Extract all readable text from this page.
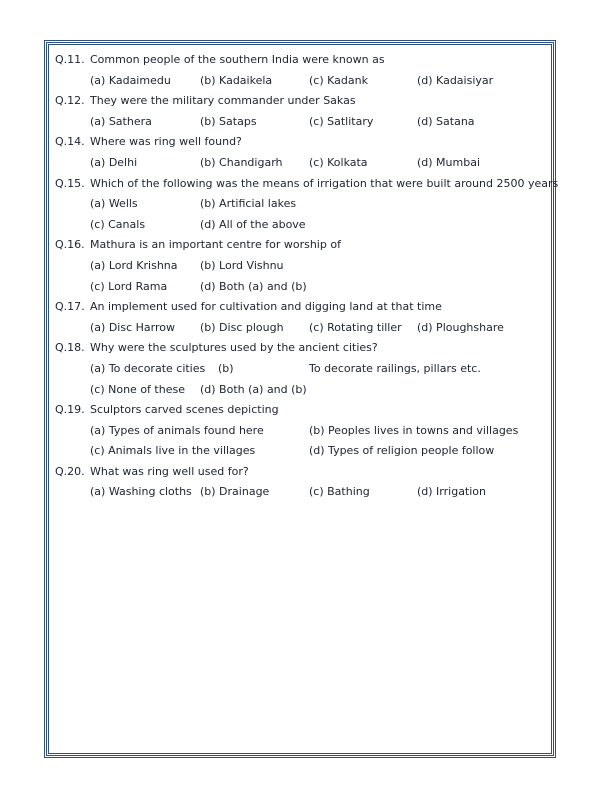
Q.11. Common people of the southern India were known as
(a) Kadaimedu	(b) Kadaikela	(c) Kadank	(d) Kadaisiyar
Q.12. They were the military commander under Sakas
(a) Sathera	(b) Sataps	(c) Satlitary	(d) Satana
Q.14. Where was ring well found?
(a) Delhi	(b) Chandigarh (c) Kolkata	(d) Mumbai
Q.15. Which of the following was the means of irrigation that were built around 2500 years
(a) Wells	(b) Artificial lakes
(c) Canals	(d) All of the above
Q.16. Mathura is an important centre for worship of
(a) Lord Krishna (b) Lord Vishnu
(c) Lord Rama	(d) Both (a) and (b)
Q.17. An implement used for cultivation and digging land at that time
(a) Disc Harrow (b) Disc plough (c) Rotating tiller (d) Ploughshare
Q.18. Why were the sculptures used by the ancient cities?
(a) To decorate cities (b)	To decorate railings, pillars etc.
(c) None of these (d) Both (a) and (b)
Q.19. Sculptors carved scenes depicting
(a) Types of animals found here	(b) Peoples lives in towns and villages
(c) Animals live in the villages	(d) Types of religion people follow
Q.20. What was ring well used for?
(a) Washing cloths (b) Drainage	(c) Bathing	(d) Irrigation
